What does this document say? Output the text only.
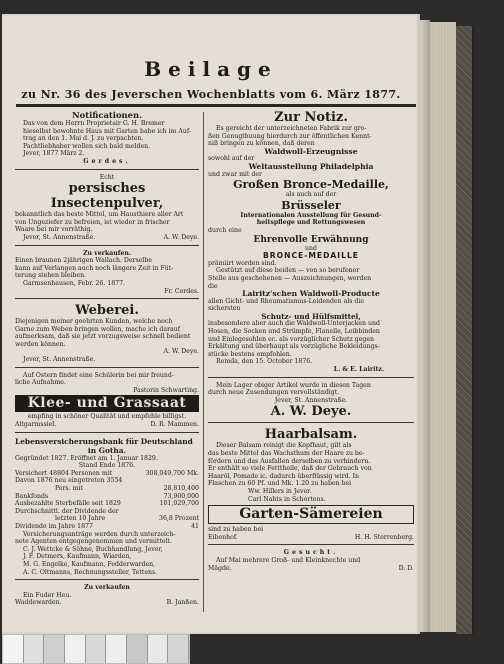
Beilage
zu Nr. 36 des Jeverschen Wochenblatts vom 6. März 1877.
Notificationen.
Das von dem Herrn Proprietair G. H. Bremer
hieselbst bewohnte Haus mit Garten habe ich im Auf-
trag an den 1. Mai d. J. zu verpachten.
Pachtliebhaber wollen sich bald melden.
Jever, 1877 März 2.
Gerdes.
Echt
persisches Insectenpulver,
bekanntlich das beste Mittel, um Hausthiere aller Art
von Ungeziefer zu befreien, ist wieder in frischer
Waare bei mir vorräthig.
Jever, St. Annenstraße.	A. W. Deye.
Zu verkaufen.
Einen braunen 2jährigen Wallach. Derselbe
kann auf Verlangen auch noch längere Zeit in Füt-
terung stehen bleiben.
Garmsenhausen, Febr. 26. 1877.
Fr. Cordes.
Weberei.
Diejenigen meiner geehrten Kunden, welche noch
Garne zum Weben bringen wollen, mache ich darauf
aufmerksam, daß sie jetzt vorzugsweise schnell bedient
werden können.
A. W. Deye.
Jever, St. Annenstraße.
Auf Ostern findet eine Schülerin bei mir freund-
liche Aufnahme.
Pastorin Schwarting.
Klee- und Grassaat
empfing in schöner Qualität und empfehle billigst.
Altgarmssiel.	D. R. Mammen.
Lebensversicherungsbank für Deutschland
in Gotha.
Gegründet 1827. Eröffnet am 1. Januar 1829.
Stand Ende 1876.
Versichert 48804 Personen mit	308,049,700 Mk.
Davon 1876 neu eingetreten 3554
Pers. mit	28,810,400
Bankfonds	73,900,000
Ausbezahlte Sterbefälle seit 1829	101,029,700
Durchschnittl. der Dividende der
letzten 10 Jahre	36,8 Prozent
Dividende im Jahre 1877	41
Versicherungsanträge werden durch unterzeich-
nete Agenten entgegengenommen und vermittelt.
C. J. Wettcke & Söhne, Buchhandlung, Jever,
J. F. Detmers, Kaufmann, Wiarden,
M. G. Engelke, Kaufmann, Fedderwarden,
A. C. Oltmanns, Rechnungssteller, Tettens.
Zu verkaufen
Ein Fuder Heu.
Waddewarden.	B. Janßen.
Zur Notiz.
Es gereicht der unterzeichneten Fabrik zur gro-
ßen Genugthuung hierdurch zur öffentlichen Kennt-
niß bringen zu können, daß deren
Waldwoll-Erzeugnisse
sowohl auf der
Weltausstellung Philadelphia
und zwar mit der
Großen Bronce-Medaille,
als auch auf der
Brüsseler
Internationalen Ausstellung für Gesund-
heitspflege und Rettungswesen
durch eine
Ehrenvolle Erwähnung
und
BRONCE-MEDAILLE
prämiirt worden sind.
Gestützt auf diese beiden — von so berufener
Stelle aus geschehenen — Auszeichnungen, werden
die
Lairitz'schen Waldwoll-Producte
allen Gicht- und Rheumatismus-Leidenden als die
sichersten
Schutz- und Hülfsmittel,
insbesondere aber auch die Waldwoll-Unterjacken und
Hosen, die Socken und Strümpfe, Flanelle, Leibbinden
und Einlegesohlen ec. als vorzüglicher Schutz gegen
Erkältung und überhaupt als vorzügliche Bekleidungs-
stücke bestens empfohlen.
Remda, den 15. October 1876.
L. & E. Lairitz.
Mein Lager obiger Artikel wurde in diesen Tagen
durch neue Zusendungen vervollständigt.
Jever, St. Annenstraße.
A. W. Deye.
Haarbalsam.
Dieser Balsam reinigt die Kopfhaut, gilt als
das beste Mittel das Wachsthum der Haare zu be-
fördern und das Ausfallen derselben zu verhindern.
Er enthält so viele Fetttheile, daß der Gebrauch von
Haaröl, Pomade ic. dadurch überflüssig wird. In
Flaschen zu 60 Pf. und Mk. 1.20 zu haben bei
Ww. Hillers in Jever.
Carl Nahts in Schortens.
Garten-Sämereien
sind zu haben bei
Eibenhof.	H. H. Sterrenberg.
Gesucht.
Auf Mai mehrere Groß- und Kleinknechte und
Mägde.	D. D.
